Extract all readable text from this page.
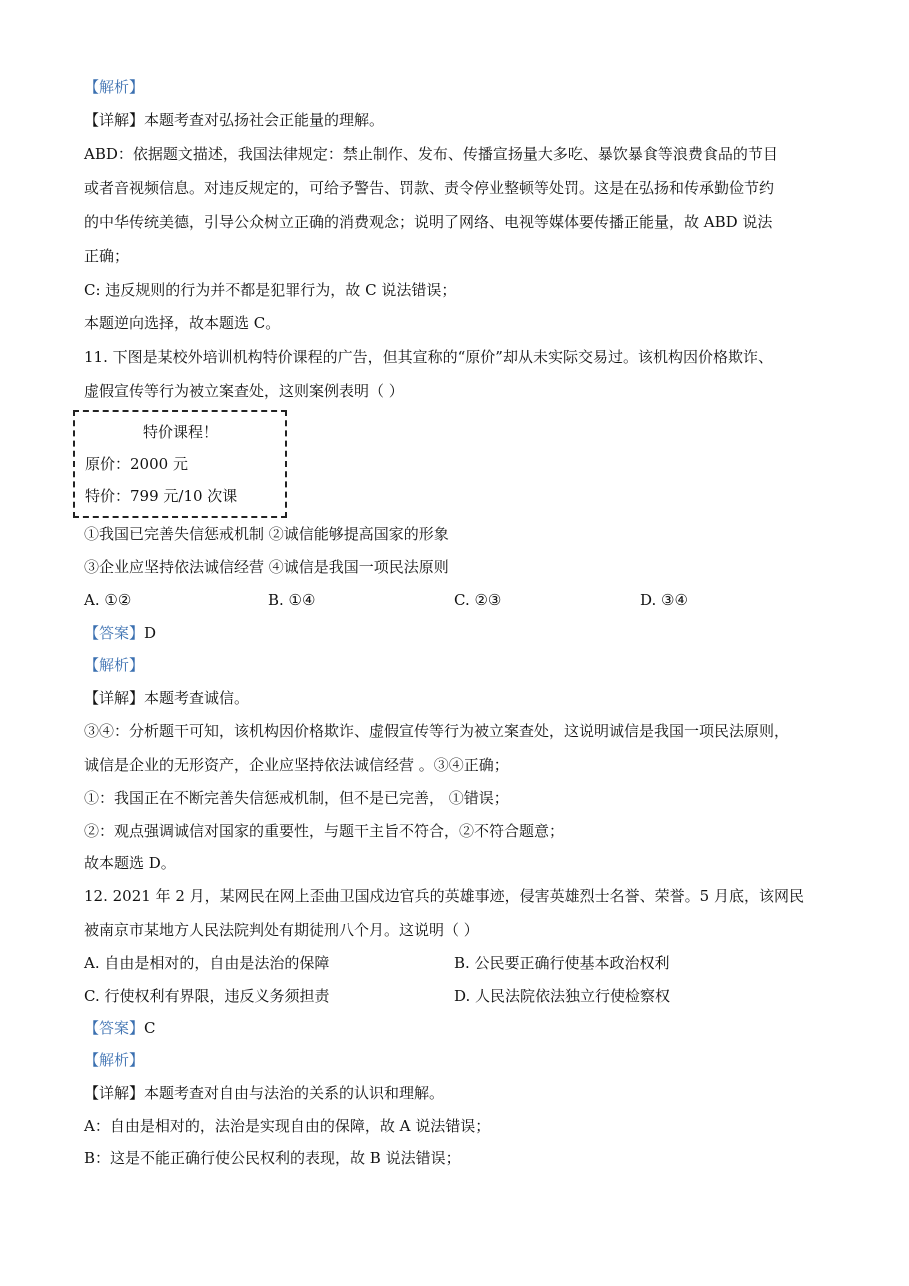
【解析】
【详解】本题考查对弘扬社会正能量的理解。
ABD：依据题文描述，我国法律规定：禁止制作、发布、传播宣扬量大多吃、暴饮暴食等浪费食品的节目
或者音视频信息。对违反规定的，可给予警告、罚款、责令停业整顿等处罚。这是在弘扬和传承勤俭节约
的中华传统美德，引导公众树立正确的消费观念；说明了网络、电视等媒体要传播正能量，故 ABD 说法
正确；
C: 违反规则的行为并不都是犯罪行为，故 C 说法错误；
本题逆向选择，故本题选 C。
11. 下图是某校外培训机构特价课程的广告，但其宣称的“原价”却从未实际交易过。该机构因价格欺诈、
虚假宣传等行为被立案查处，这则案例表明（ ）
特价课程！
原价：2000 元
特价：799 元/10 次课
①我国已完善失信惩戒机制 ②诚信能够提高国家的形象
③企业应坚持依法诚信经营 ④诚信是我国一项民法原则
A. ①②	B. ①④	C. ②③	D. ③④
【答案】D
【解析】
【详解】本题考查诚信。
③④：分析题干可知，该机构因价格欺诈、虚假宣传等行为被立案查处，这说明诚信是我国一项民法原则，
诚信是企业的无形资产，企业应坚持依法诚信经营 。③④正确；
①：我国正在不断完善失信惩戒机制，但不是已完善， ①错误；
②：观点强调诚信对国家的重要性，与题干主旨不符合，②不符合题意；
故本题选 D。
12. 2021 年 2 月，某网民在网上歪曲卫国戍边官兵的英雄事迹，侵害英雄烈士名誉、荣誉。5 月底，该网民
被南京市某地方人民法院判处有期徒刑八个月。这说明（ ）
A. 自由是相对的，自由是法治的保障	B. 公民要正确行使基本政治权利
C. 行使权利有界限，违反义务须担责	D. 人民法院依法独立行使检察权
【答案】C
【解析】
【详解】本题考查对自由与法治的关系的认识和理解。
A：自由是相对的，法治是实现自由的保障，故 A 说法错误；
B：这是不能正确行使公民权利的表现，故 B 说法错误；
